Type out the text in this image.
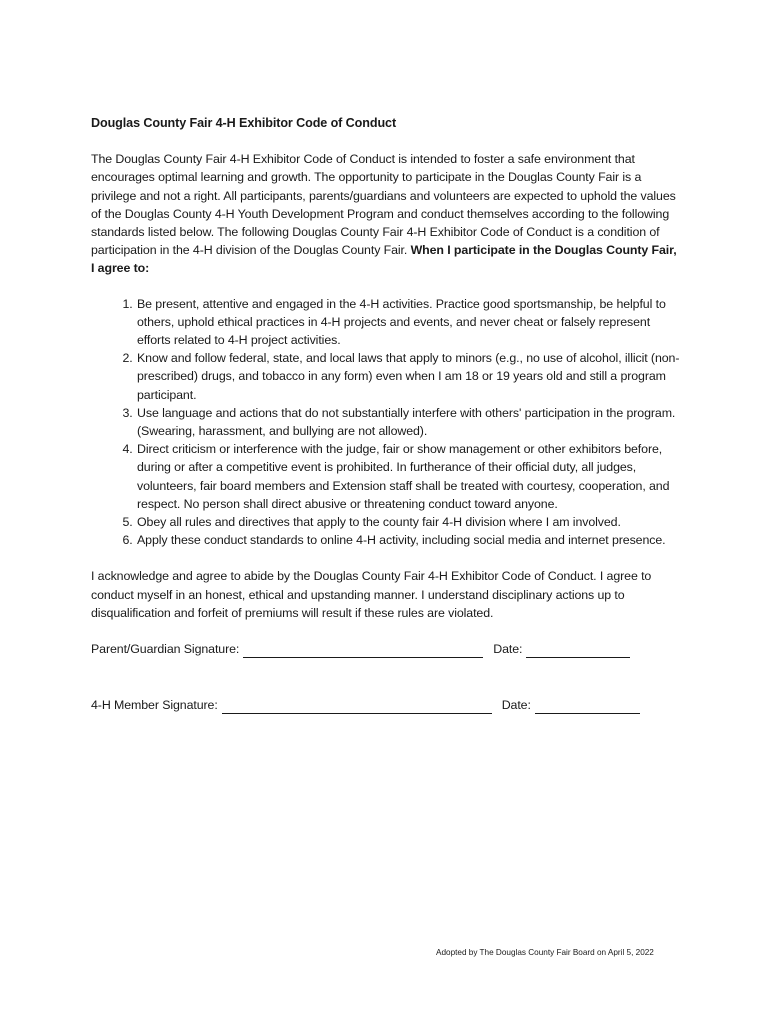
Douglas County Fair 4-H Exhibitor Code of Conduct
The Douglas County Fair 4-H Exhibitor Code of Conduct is intended to foster a safe environment that encourages optimal learning and growth. The opportunity to participate in the Douglas County Fair is a privilege and not a right. All participants, parents/guardians and volunteers are expected to uphold the values of the Douglas County 4-H Youth Development Program and conduct themselves according to the following standards listed below. The following Douglas County Fair 4-H Exhibitor Code of Conduct is a condition of participation in the 4-H division of the Douglas County Fair. When I participate in the Douglas County Fair, I agree to:
1. Be present, attentive and engaged in the 4-H activities. Practice good sportsmanship, be helpful to others, uphold ethical practices in 4-H projects and events, and never cheat or falsely represent efforts related to 4-H project activities.
2. Know and follow federal, state, and local laws that apply to minors (e.g., no use of alcohol, illicit (non-prescribed) drugs, and tobacco in any form) even when I am 18 or 19 years old and still a program participant.
3. Use language and actions that do not substantially interfere with others' participation in the program. (Swearing, harassment, and bullying are not allowed).
4. Direct criticism or interference with the judge, fair or show management or other exhibitors before, during or after a competitive event is prohibited. In furtherance of their official duty, all judges, volunteers, fair board members and Extension staff shall be treated with courtesy, cooperation, and respect. No person shall direct abusive or threatening conduct toward anyone.
5. Obey all rules and directives that apply to the county fair 4-H division where I am involved.
6. Apply these conduct standards to online 4-H activity, including social media and internet presence.
I acknowledge and agree to abide by the Douglas County Fair 4-H Exhibitor Code of Conduct. I agree to conduct myself in an honest, ethical and upstanding manner. I understand disciplinary actions up to disqualification and forfeit of premiums will result if these rules are violated.
Parent/Guardian Signature:	Date:
4-H Member Signature:	Date:
Adopted by The Douglas County Fair Board on April 5, 2022
